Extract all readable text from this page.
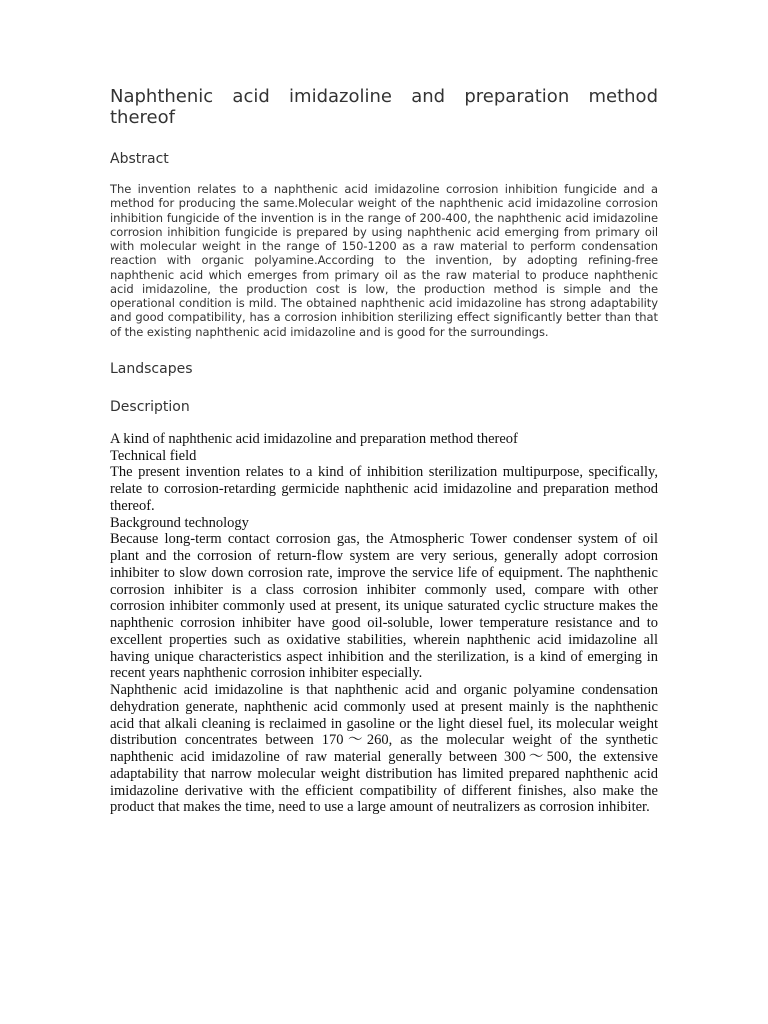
Naphthenic acid imidazoline and preparation method thereof
Abstract

The invention relates to a naphthenic acid imidazoline corrosion inhibition fungicide and a method for producing the same.Molecular weight of the naphthenic acid imidazoline corrosion inhibition fungicide of the invention is in the range of 200-400, the naphthenic acid imidazoline corrosion inhibition fungicide is prepared by using naphthenic acid emerging from primary oil with molecular weight in the range of 150-1200 as a raw material to perform condensation reaction with organic polyamine.According to the invention, by adopting refining-free naphthenic acid which emerges from primary oil as the raw material to produce naphthenic acid imidazoline, the production cost is low, the production method is simple and the operational condition is mild. The obtained naphthenic acid imidazoline has strong adaptability and good compatibility, has a corrosion inhibition sterilizing effect significantly better than that of the existing naphthenic acid imidazoline and is good for the surroundings.

Landscapes
Description

A kind of naphthenic acid imidazoline and preparation method thereof

Technical field

The present invention relates to a kind of inhibition sterilization multipurpose, specifically, relate to corrosion-retarding germicide naphthenic acid imidazoline and preparation method thereof.

Background technology

Because long-term contact corrosion gas, the Atmospheric Tower condenser system of oil plant and the corrosion of return-flow system are very serious, generally adopt corrosion inhibiter to slow down corrosion rate, improve the service life of equipment. The naphthenic corrosion inhibiter is a class corrosion inhibiter commonly used, compare with other corrosion inhibiter commonly used at present, its unique saturated cyclic structure makes the naphthenic corrosion inhibiter have good oil-soluble, lower temperature resistance and to excellent properties such as oxidative stabilities, wherein naphthenic acid imidazoline all having unique characteristics aspect inhibition and the sterilization, is a kind of emerging in recent years naphthenic corrosion inhibiter especially.

Naphthenic acid imidazoline is that naphthenic acid and organic polyamine condensation dehydration generate, naphthenic acid commonly used at present mainly is the naphthenic acid that alkali cleaning is reclaimed in gasoline or the light diesel fuel, its molecular weight distribution concentrates between 170～260, as the molecular weight of the synthetic naphthenic acid imidazoline of raw material generally between 300～500, the extensive adaptability that narrow molecular weight distribution has limited prepared naphthenic acid imidazoline derivative with the efficient compatibility of different finishes, also make the product that makes the time, need to use a large amount of neutralizers as corrosion inhibiter.
